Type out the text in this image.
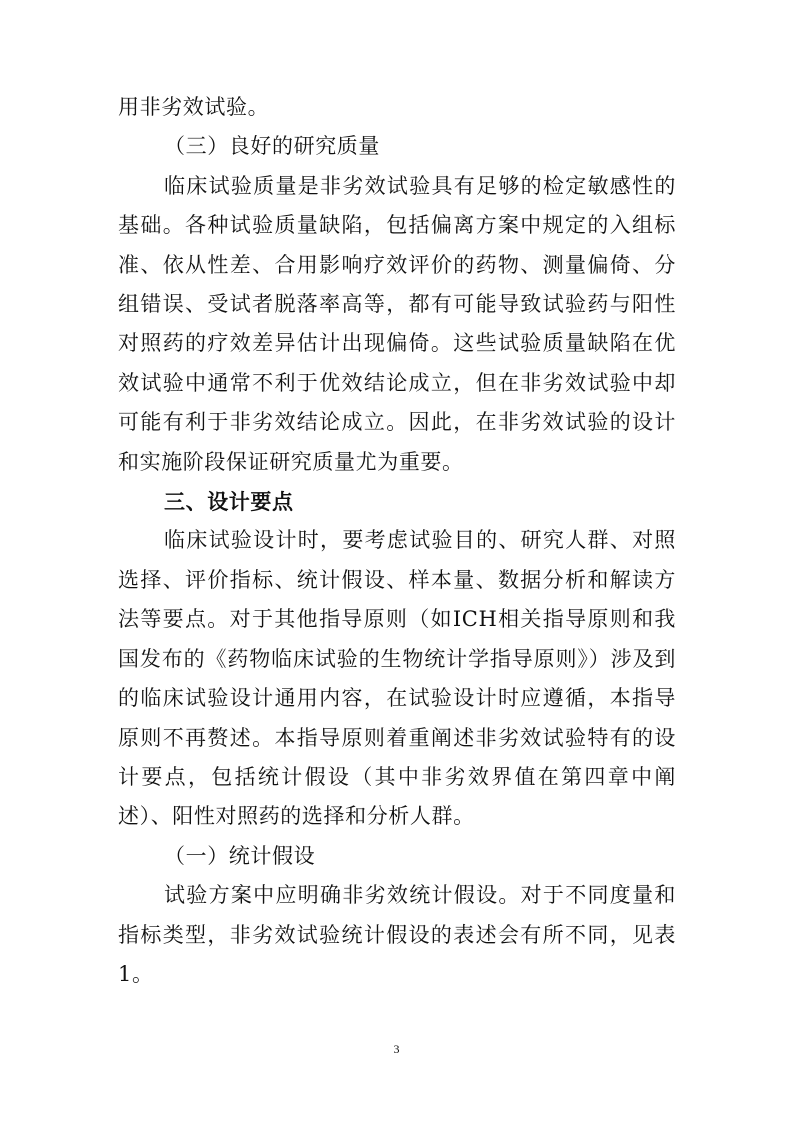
用非劣效试验。

（三）良好的研究质量

临床试验质量是非劣效试验具有足够的检定敏感性的基础。各种试验质量缺陷，包括偏离方案中规定的入组标准、依从性差、合用影响疗效评价的药物、测量偏倚、分组错误、受试者脱落率高等，都有可能导致试验药与阳性对照药的疗效差异估计出现偏倚。这些试验质量缺陷在优效试验中通常不利于优效结论成立，但在非劣效试验中却可能有利于非劣效结论成立。因此，在非劣效试验的设计和实施阶段保证研究质量尤为重要。

三、设计要点

临床试验设计时，要考虑试验目的、研究人群、对照选择、评价指标、统计假设、样本量、数据分析和解读方法等要点。对于其他指导原则（如ICH相关指导原则和我国发布的《药物临床试验的生物统计学指导原则》）涉及到的临床试验设计通用内容，在试验设计时应遵循，本指导原则不再赘述。本指导原则着重阐述非劣效试验特有的设计要点，包括统计假设（其中非劣效界值在第四章中阐述）、阳性对照药的选择和分析人群。

（一）统计假设

试验方案中应明确非劣效统计假设。对于不同度量和指标类型，非劣效试验统计假设的表述会有所不同，见表 1。

3
